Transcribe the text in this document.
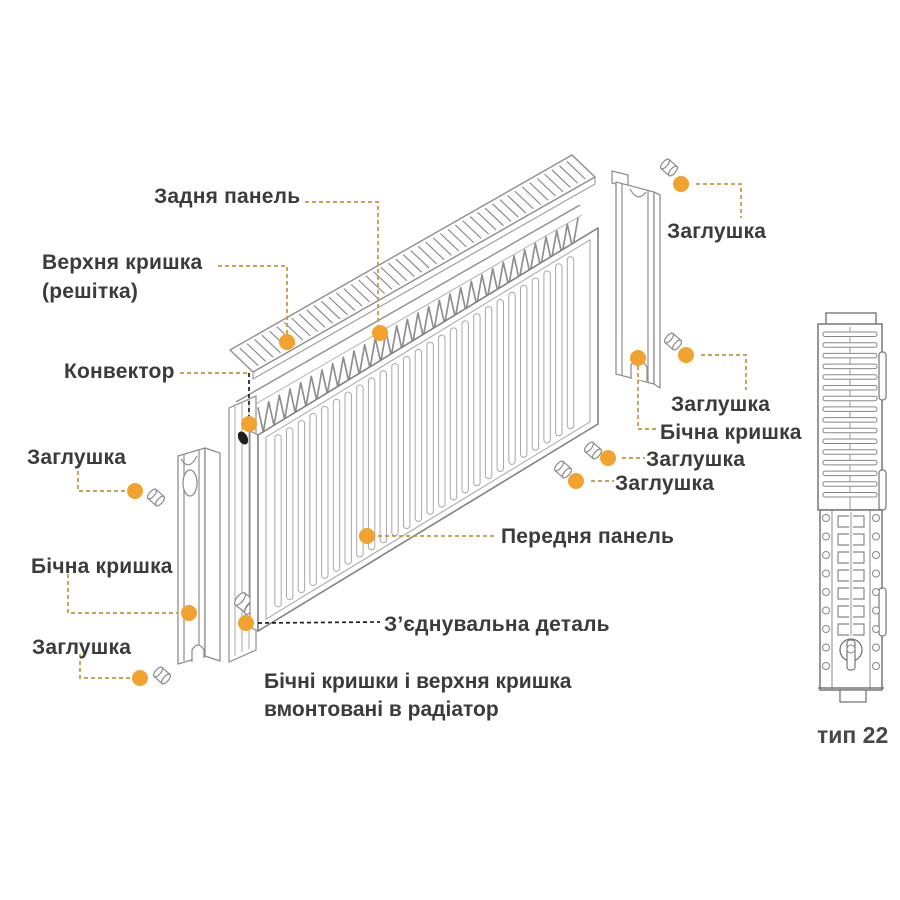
Задня панель
Верхня кришка
(решітка)
Конвектор
Заглушка
Заглушка
Бічна кришка
Заглушка
Заглушка
Передня панель
З’єднувальна деталь
Заглушка
Бічна кришка
Заглушка
Бічні кришки і верхня кришка
вмонтовані в радіатор
тип 22
